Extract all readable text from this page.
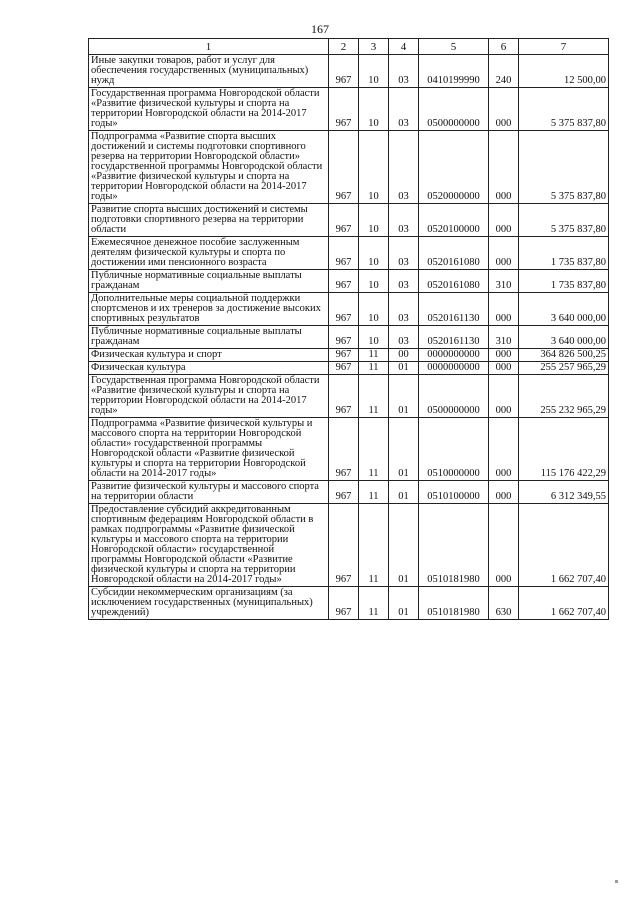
167
1	2	3	4	5	6	7
Иные закупки товаров, работ и услуг для обеспечения государственных (муниципальных) нужд	967	10	03	0410199990	240	12 500,00
Государственная программа Новгородской области «Развитие физической культуры и спорта на территории Новгородской области на 2014-2017 годы»	967	10	03	0500000000	000	5 375 837,80
Подпрограмма «Развитие спорта высших достижений и системы подготовки спортивного резерва на территории Новгородской области» государственной программы Новгородской области «Развитие физической культуры и спорта на территории Новгородской области на 2014-2017 годы»	967	10	03	0520000000	000	5 375 837,80
Развитие спорта высших достижений и системы подготовки спортивного резерва на территории области	967	10	03	0520100000	000	5 375 837,80
Ежемесячное денежное пособие заслуженным деятелям физической культуры и спорта по достижении ими пенсионного возраста	967	10	03	0520161080	000	1 735 837,80
Публичные нормативные социальные выплаты гражданам	967	10	03	0520161080	310	1 735 837,80
Дополнительные меры социальной поддержки спортсменов и их тренеров за достижение высоких спортивных результатов	967	10	03	0520161130	000	3 640 000,00
Публичные нормативные социальные выплаты гражданам	967	10	03	0520161130	310	3 640 000,00
Физическая культура и спорт	967	11	00	0000000000	000	364 826 500,25
Физическая культура	967	11	01	0000000000	000	255 257 965,29
Государственная программа Новгородской области «Развитие физической культуры и спорта на территории Новгородской области на 2014-2017 годы»	967	11	01	0500000000	000	255 232 965,29
Подпрограмма «Развитие физической культуры и массового спорта на территории Новгородской области» государственной программы Новгородской области «Развитие физической культуры и спорта на территории Новгородской области на 2014-2017 годы»	967	11	01	0510000000	000	115 176 422,29
Развитие физической культуры и массового спорта на территории области	967	11	01	0510100000	000	6 312 349,55
Предоставление субсидий аккредитованным спортивным федерациям Новгородской области в рамках подпрограммы «Развитие физической культуры и массового спорта на территории Новгородской области» государственной программы Новгородской области «Развитие физической культуры и спорта на территории Новгородской области на 2014-2017 годы»	967	11	01	0510181980	000	1 662 707,40
Субсидии некоммерческим организациям (за исключением государственных (муниципальных) учреждений)	967	11	01	0510181980	630	1 662 707,40
